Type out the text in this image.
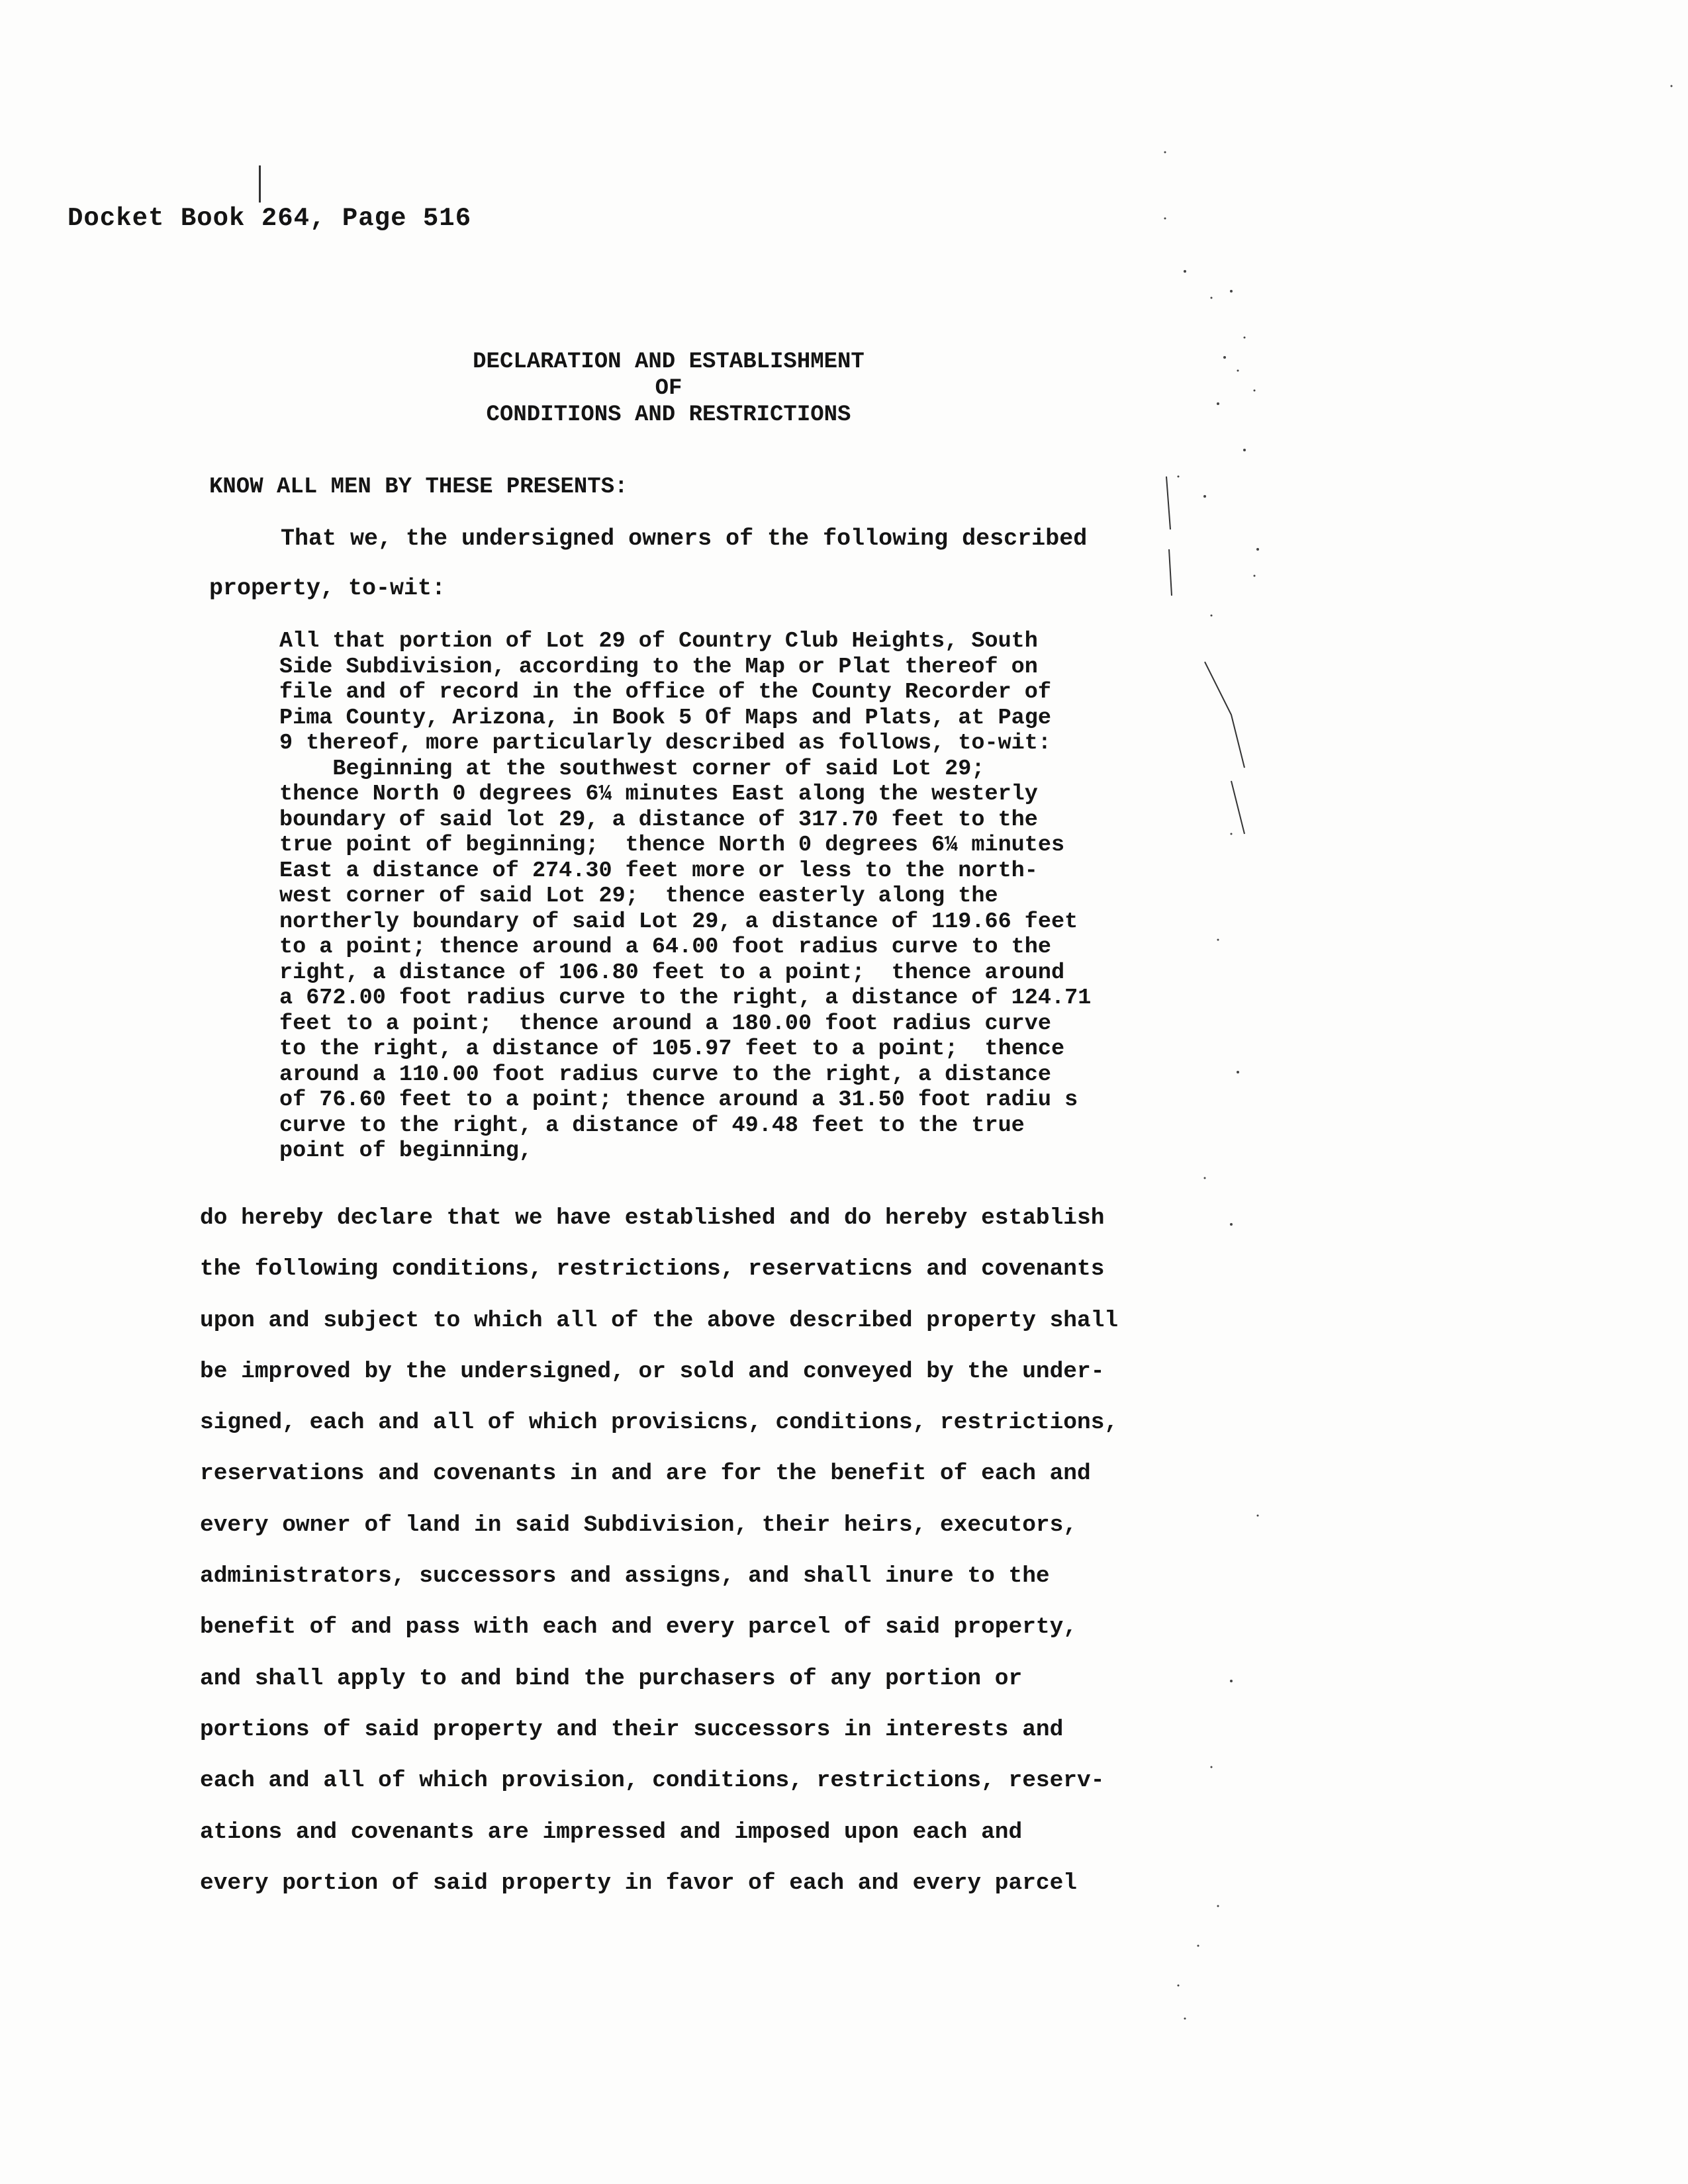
Docket Book 264, Page 516
DECLARATION AND ESTABLISHMENT
OF
CONDITIONS AND RESTRICTIONS
KNOW ALL MEN BY THESE PRESENTS:
That we, the undersigned owners of the following described
property, to-wit:
All that portion of Lot 29 of Country Club Heights, South
Side Subdivision, according to the Map or Plat thereof on
file and of record in the office of the County Recorder of
Pima County, Arizona, in Book 5 Of Maps and Plats, at Page
9 thereof, more particularly described as follows, to-wit:
Beginning at the southwest corner of said Lot 29;
thence North 0 degrees 6¼ minutes East along the westerly
boundary of said lot 29, a distance of 317.70 feet to the
true point of beginning;  thence North 0 degrees 6¼ minutes
East a distance of 274.30 feet more or less to the north-
west corner of said Lot 29;  thence easterly along the
northerly boundary of said Lot 29, a distance of 119.66 feet
to a point; thence around a 64.00 foot radius curve to the
right, a distance of 106.80 feet to a point;  thence around
a 672.00 foot radius curve to the right, a distance of 124.71
feet to a point;  thence around a 180.00 foot radius curve
to the right, a distance of 105.97 feet to a point;  thence
around a 110.00 foot radius curve to the right, a distance
of 76.60 feet to a point; thence around a 31.50 foot radiu s
curve to the right, a distance of 49.48 feet to the true
point of beginning,
do hereby declare that we have established and do hereby establish
the following conditions, restrictions, reservaticns and covenants
upon and subject to which all of the above described property shall
be improved by the undersigned, or sold and conveyed by the under-
signed, each and all of which provisicns, conditions, restrictions,
reservations and covenants in and are for the benefit of each and
every owner of land in said Subdivision, their heirs, executors,
administrators, successors and assigns, and shall inure to the
benefit of and pass with each and every parcel of said property,
and shall apply to and bind the purchasers of any portion or
portions of said property and their successors in interests and
each and all of which provision, conditions, restrictions, reserv-
ations and covenants are impressed and imposed upon each and
every portion of said property in favor of each and every parcel
